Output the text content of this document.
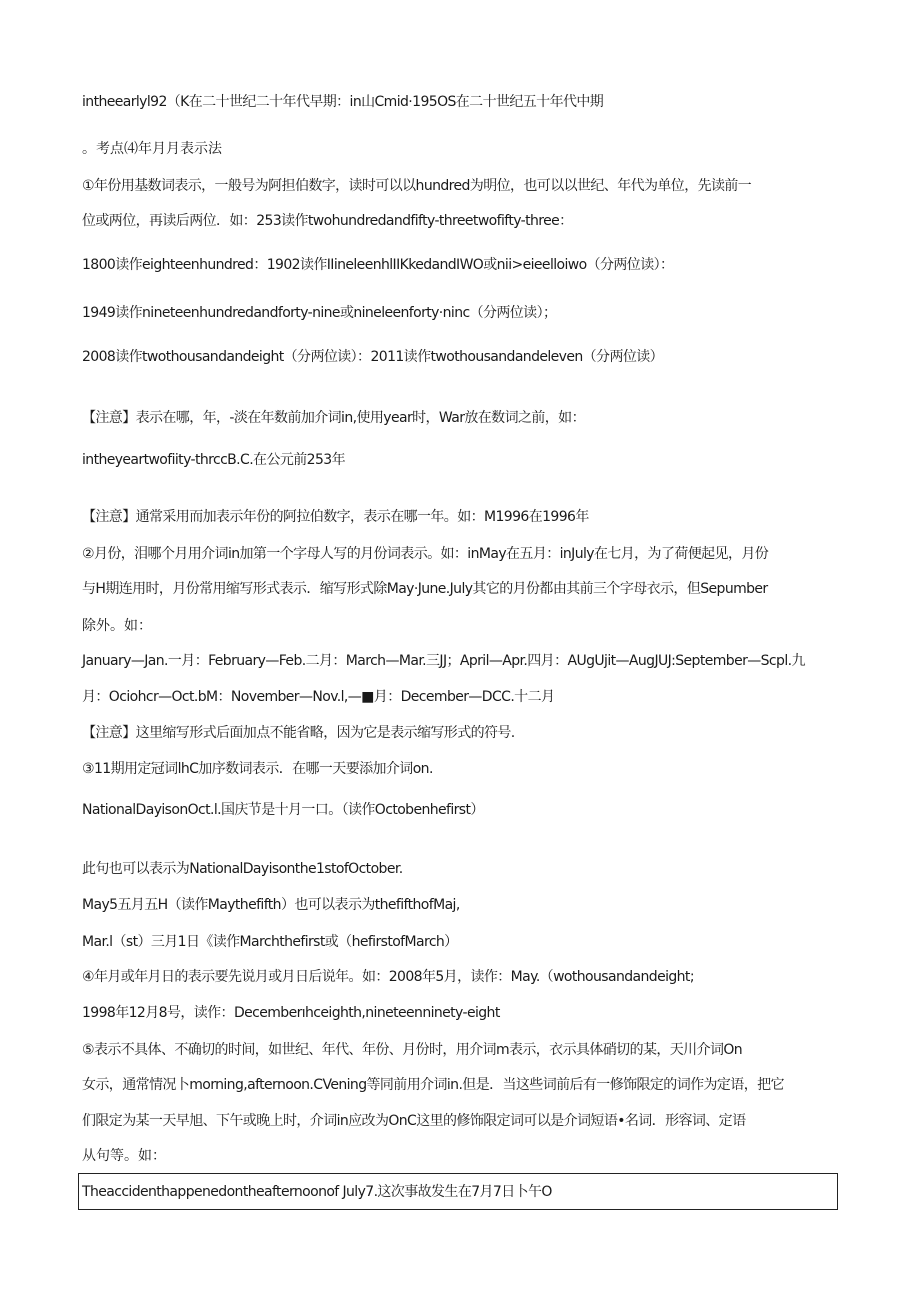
intheearlyl92（K在二十世纪二十年代早期：in山Cmid·195OS在二十世纪五十年代中期
。考点⑷年月月表示法
①年份用基数词表示，一般号为阿担伯数字，读时可以以hundred为明位，也可以以世纪、年代为单位，先读前一
位或两位，再读后两位．如：253读作twohundredandfifty-threetwofifty-three：
1800读作eighteenhundred：1902读作IIineleenhlIIKkedandIWO或nii>eieelloiwo（分两位读）：
1949读作nineteenhundredandforty-nine或nineleenforty·ninc（分两位读）；
2008读作twothousandandeight（分两位读）：2011读作twothousandandeleven（分两位读）
【注意】表示在哪，年，-淡在年数前加介词in,使用year时，War放在数词之前，如：
intheyeartwofiity-thrccB.C.在公元前253年
【注意】通常采用而加表示年份的阿拉伯数字，表示在哪一年。如：M1996在1996年
②月份，泪哪个月用介词in加第一个字母人写的月份词表示。如：inMay在五月：inJuly在七月，为了荷便起见，月份
与H期连用时，月份常用缩写形式表示．缩写形式除May·June.July其它的月份都由其前三个字母衣示，但Sepumber
除外。如：
January—Jan.一月：February—Feb.二月：March—Mar.三JJ；April—Apr.四月：AUgUjit—AugJUJ:September—Scpl.九
月：Ociohcr—Oct.bM：November—Nov.l,—■月：December—DCC.十二月
【注意】这里缩写形式后面加点不能省略，因为它是表示缩写形式的符号.
③11期用定冠词lhC加序数词表示．在哪一天要添加介词on.
NationalDayisonOct.l.国庆节是十月一口。（读作Octobenhefirst）
此句也可以表示为NationalDayisonthe1stofOctober.
May5五月五H（读作Maythefifth）也可以表示为thefifthofMaj,
Mar.l（st）三月1日《读作Marchthefirst或（hefirstofMarch）
④年月或年月日的表示要先说月或月日后说年。如：2008年5月，读作：May.（wothousandandeight;
1998年12月8号，读作：Decemberıhceighth,nineteenninety-eight
⑤表示不具体、不确切的时间，如世纪、年代、年份、月份时，用介词m表示，衣示具体硝切的某，天川介词On
女示，通常情况卜morning,afternoon.CVening等同前用介词in.但是．当这些词前后有一修饰限定的词作为定语，把它
们限定为某一天早旭、下午或晚上时，介词in应改为OnC这里的修饰限定词可以是介词短语•名词．形容词、定语
从句等。如：
Theaccidenthappenedontheafternoonof July7.这次事故发生在7月7日卜午O
